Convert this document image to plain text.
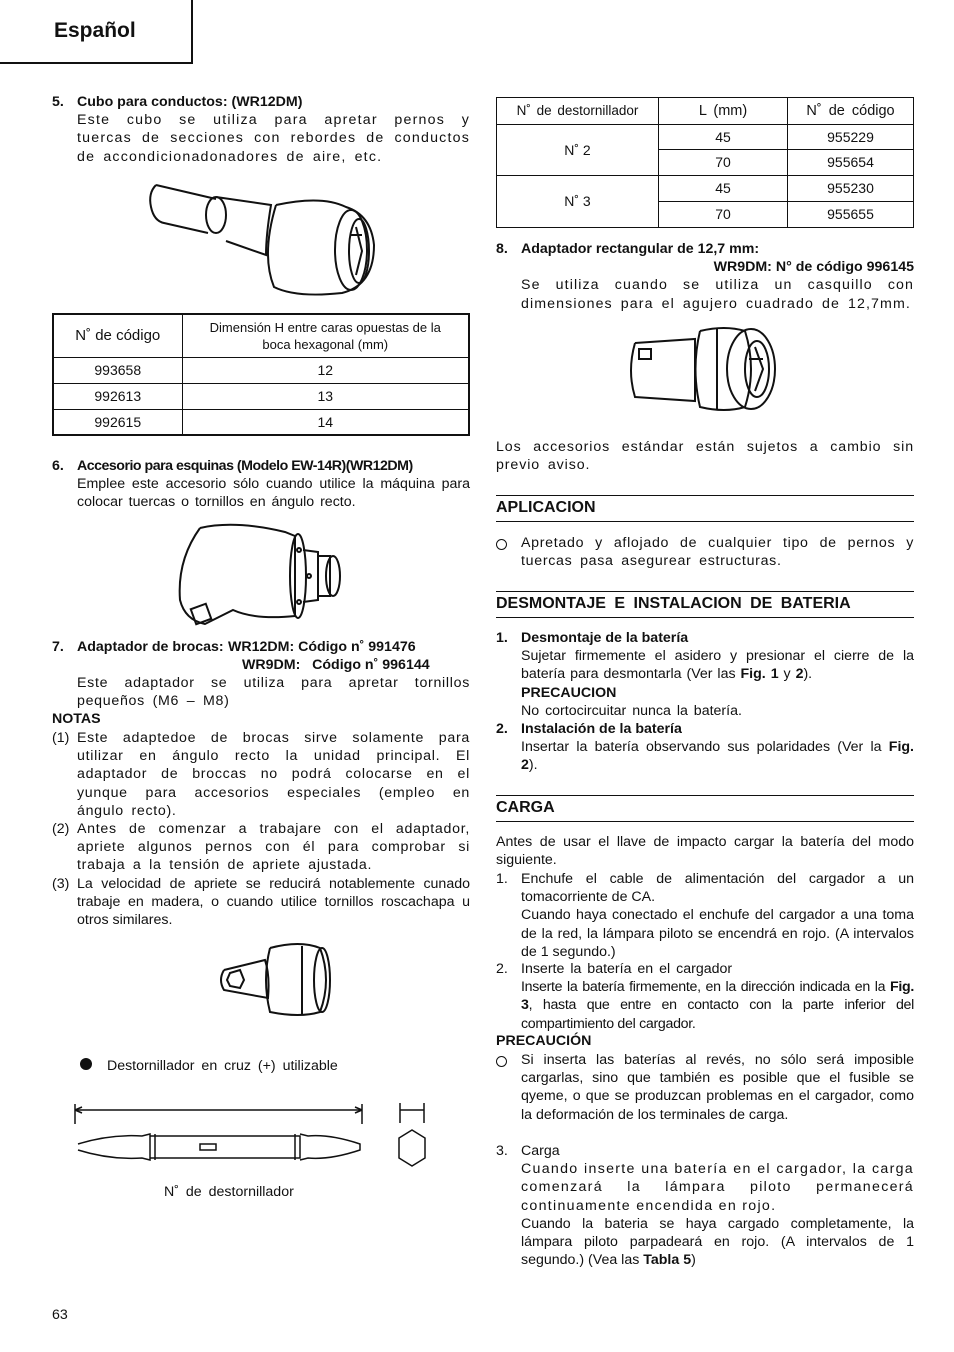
Español
5. Cubo para conductos: (WR12DM)
Este cubo se utiliza para apretar pernos y tuercas de secciones con rebordes de conductos de accondicionadonadores de aire, etc.
N˚ de código	Dimensión H entre caras opuestas de la boca hexagonal (mm)
993658	12
992613	13
992615	14
6. Accesorio para esquinas (Modelo EW-14R)(WR12DM)
Emplee este accesorio sólo cuando utilice la máquina para colocar tuercas o tornillos en ángulo recto.
7. Adaptador de brocas: WR12DM: Código n˚ 991476
WR9DM:   Código n˚ 996144
Este adaptador se utiliza para apretar tornillos pequeños (M6 – M8)
NOTAS
(1) Este adaptedoe de brocas sirve solamente para utilizar en ángulo recto la unidad principal. El adaptador de broccas no podrá colocarse en el yunque para accesorios especiales (empleo en ángulo recto).
(2) Antes de comenzar a trabajare con el adaptador, apriete algunos pernos con él para comprobar si trabaja a la tensión de apriete ajustada.
(3) La velocidad de apriete se reducirá notablemente cunado trabaje en madera, o cuando utilice tornillos roscachapa u otros similares.
Destornillador en cruz (+) utilizable
N˚ de destornillador
63
N˚ de destornillador	L (mm)	N˚ de código
N˚ 2	45	955229
	70	955654
N˚ 3	45	955230
	70	955655
8. Adaptador rectangular de 12,7 mm:
WR9DM: N° de código 996145
Se utiliza cuando se utiliza un casquillo con dimensiones para el agujero cuadrado de 12,7mm.
Los accesorios estándar están sujetos a cambio sin previo aviso.
APLICACION
Apretado y aflojado de cualquier tipo de pernos y tuercas pasa asegurear estructuras.
DESMONTAJE E INSTALACION DE BATERIA
1. Desmontaje de la batería
Sujetar firmemente el asidero y presionar el cierre de la batería para desmontarla (Ver las Fig. 1 y 2).
PRECAUCION
No cortocircuitar nunca la batería.
2. Instalación de la batería
Insertar la batería observando sus polaridades (Ver la Fig. 2).
CARGA
Antes de usar el llave de impacto cargar la batería del modo siguiente.
1. Enchufe el cable de alimentación del cargador a un tomacorriente de CA.
Cuando haya conectado el enchufe del cargador a una toma de la red, la lámpara piloto se encendrá en rojo. (A intervalos de 1 segundo.)
2. Inserte la batería en el cargador
Inserte la batería firmemente, en la dirección indicada en la Fig. 3, hasta que entre en contacto con la parte inferior del compartimiento del cargador.
PRECAUCIÓN
Si inserta las baterías al revés, no sólo será imposible cargarlas, sino que también es posible que el fusible se qyeme, o que se produzcan problemas en el cargador, como la deformación de los terminales de carga.
3. Carga
Cuando inserte una batería en el cargador, la carga comenzará la lámpara piloto permanecerá continuamente encendida en rojo.
Cuando la bateria se haya cargado completamente, la lámpara piloto parpadeará en rojo. (A intervalos de 1 segundo.) (Vea las Tabla 5)
